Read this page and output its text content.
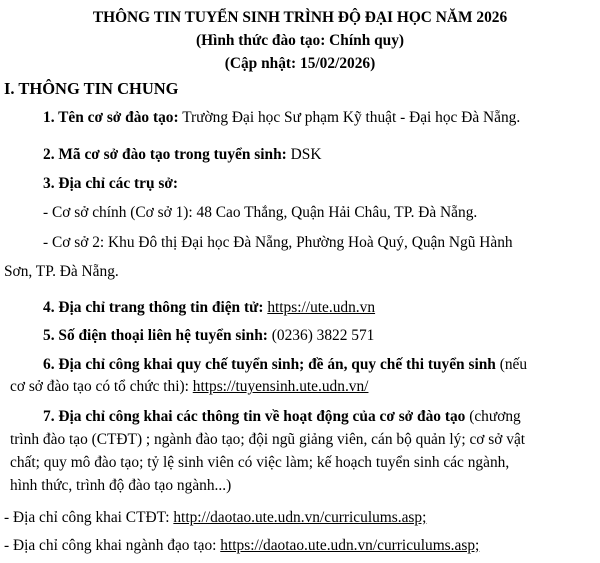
THÔNG TIN TUYỂN SINH TRÌNH ĐỘ ĐẠI HỌC NĂM 2026
(Hình thức đào tạo: Chính quy)
(Cập nhật: 15/02/2026)
I. THÔNG TIN CHUNG
1. Tên cơ sở đào tạo: Trường Đại học Sư phạm Kỹ thuật - Đại học Đà Nẵng.
2. Mã cơ sở đào tạo trong tuyển sinh: DSK
3. Địa chỉ các trụ sở:
- Cơ sở chính (Cơ sở 1): 48 Cao Thắng, Quận Hải Châu, TP. Đà Nẵng.
- Cơ sở 2: Khu Đô thị Đại học Đà Nẵng, Phường Hoà Quý, Quận Ngũ Hành
Sơn, TP. Đà Nẵng.
4. Địa chỉ trang thông tin điện tử: https://ute.udn.vn
5. Số điện thoại liên hệ tuyển sinh: (0236) 3822 571
6. Địa chỉ công khai quy chế tuyển sinh; đề án, quy chế thi tuyển sinh (nếu
cơ sở đào tạo có tổ chức thi): https://tuyensinh.ute.udn.vn/
7. Địa chỉ công khai các thông tin về hoạt động của cơ sở đào tạo (chương
trình đào tạo (CTĐT) ; ngành đào tạo; đội ngũ giảng viên, cán bộ quản lý; cơ sở vật
chất; quy mô đào tạo; tỷ lệ sinh viên có việc làm; kế hoạch tuyển sinh các ngành,
hình thức, trình độ đào tạo ngành...)
- Địa chỉ công khai CTĐT: http://daotao.ute.udn.vn/curriculums.asp;
- Địa chỉ công khai ngành đạo tạo: https://daotao.ute.udn.vn/curriculums.asp;
